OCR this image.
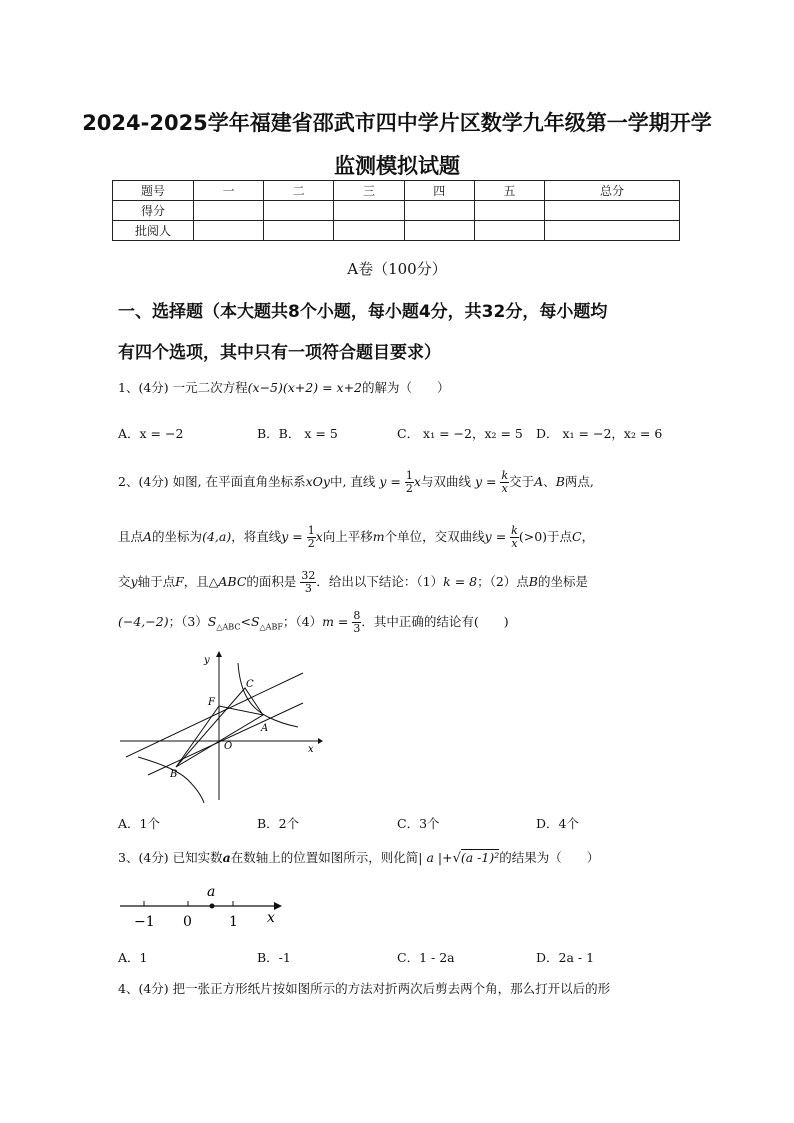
2024-2025学年福建省邵武市四中学片区数学九年级第一学期开学
监测模拟试题
题号	一	二	三	四	五	总分
得分						
批阅人						
A卷（100分）
一、选择题（本大题共8个小题，每小题4分，共32分，每小题均
有四个选项，其中只有一项符合题目要求）
1、(4分) 一元二次方程(x−5)(x+2) = x+2的解为（　　）
A．x = −2	B．B． x = 5	C． x₁ = −2，x₂ = 5 D． x₁ = −2，x₂ = 6
2、(4分) 如图, 在平面直角坐标系xOy中, 直线 $y = \frac{1}{2}$ x与双曲线 $y = \frac{k}{x}$ 交于A、B两点,
且点A的坐标为(4,a)，将直线$y = \frac{1}{2}$ x向上平移m个单位，交双曲线$y = \frac{k}{x} (>0)$于点C，
交y轴于点F，且△ABC的面积是 $\frac{32}{3}$ ．给出以下结论：（1）k = 8；（2）点B的坐标是
(−4,−2)；$(3)S_{\triangle ABC}<S_{\triangle ABF}$；$(4)m = \frac{8}{3}$ ．其中正确的结论有(　　)
y
x
O
F
C
A
B
A．1个	B．2个	C．3个	D．4个
3、(4分) 已知实数a在数轴上的位置如图所示，则化简| a |+√(a -1)²的结果为（　　）
a
−1 0	1 x
A．1	B．-1	C．1 - 2a	D．2a - 1
4、(4分) 把一张正方形纸片按如图所示的方法对折两次后剪去两个角，那么打开以后的形
